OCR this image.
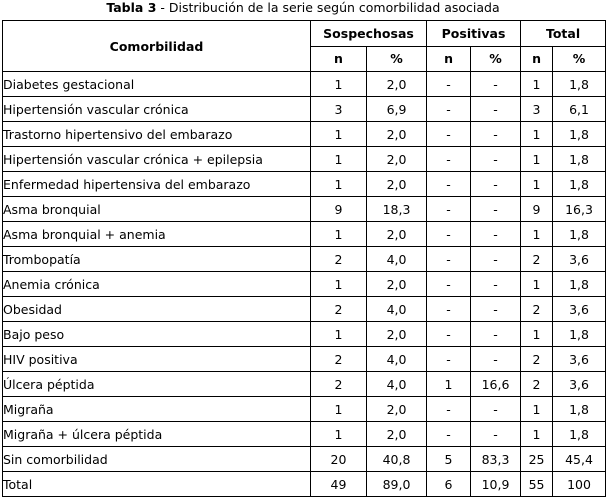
Tabla 3 - Distribución de la serie según comorbilidad asociada
Comorbilidad	Sospechosas		Positivas		Total	
	n	%	n	%	n	%
Diabetes gestacional	1	2,0	-	-	1	1,8
Hipertensión vascular crónica	3	6,9	-	-	3	6,1
Trastorno hipertensivo del embarazo	1	2,0	-	-	1	1,8
Hipertensión vascular crónica + epilepsia	1	2,0	-	-	1	1,8
Enfermedad hipertensiva del embarazo	1	2,0	-	-	1	1,8
Asma bronquial	9	18,3	-	-	9	16,3
Asma bronquial + anemia	1	2,0	-	-	1	1,8
Trombopatía	2	4,0	-	-	2	3,6
Anemia crónica	1	2,0	-	-	1	1,8
Obesidad	2	4,0	-	-	2	3,6
Bajo peso	1	2,0	-	-	1	1,8
HIV positiva	2	4,0	-	-	2	3,6
Úlcera péptida	2	4,0	1	16,6	2	3,6
Migraña	1	2,0	-	-	1	1,8
Migraña + úlcera péptida	1	2,0	-	-	1	1,8
Sin comorbilidad	20	40,8	5	83,3	25	45,4
Total	49	89,0	6	10,9	55	100
